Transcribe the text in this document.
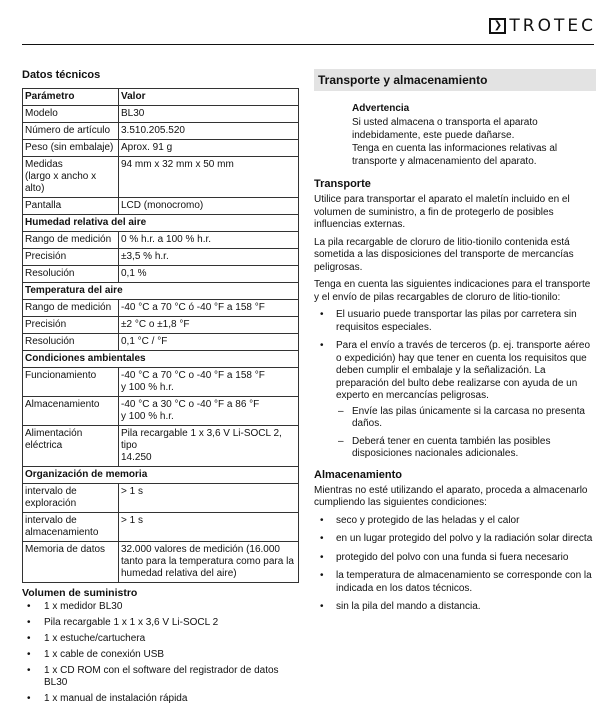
❯ TROTEC
Datos técnicos
Parámetro	Valor
Modelo	BL30
Número de artículo	3.510.205.520
Peso (sin embalaje)	Aprox. 91 g
Medidas
(largo x ancho x alto)	94 mm x 32 mm x 50 mm
Pantalla	LCD (monocromo)
Humedad relativa del aire	
Rango de medición	0 % h.r. a 100 % h.r.
Precisión	±3,5 % h.r.
Resolución	0,1 %
Temperatura del aire	
Rango de medición	-40 °C a 70 °C ó -40 °F a 158 °F
Precisión	±2 °C o ±1,8 °F
Resolución	0,1 °C / °F
Condiciones ambientales	
Funcionamiento	-40 °C a 70 °C o -40 °F a 158 °F
y 100 % h.r.
Almacenamiento	-40 °C a 30 °C o -40 °F a 86 °F
y 100 % h.r.
Alimentación
eléctrica	Pila recargable 1 x 3,6 V Li-SOCL 2, tipo
14.250
Organización de memoria	
intervalo de
exploración	> 1 s
intervalo de
almacenamiento	> 1 s
Memoria de datos	32.000 valores de medición (16.000
tanto para la temperatura como para la
humedad relativa del aire)
Volumen de suministro
• 1 x medidor BL30
• Pila recargable 1 x 1 x 3,6 V Li-SOCL 2
• 1 x estuche/cartuchera
• 1 x cable de conexión USB
• 1 x CD ROM con el software del registrador de datos BL30
• 1 x manual de instalación rápida
Transporte y almacenamiento
Advertencia
Si usted almacena o transporta el aparato
indebidamente, este puede dañarse.
Tenga en cuenta las informaciones relativas al
transporte y almacenamiento del aparato.
Transporte

Utilice para transportar el aparato el maletín incluido en el volumen de suministro, a fin de protegerlo de posibles influencias externas.

La pila recargable de cloruro de litio-tionilo contenida está sometida a las disposiciones del transporte de mercancías peligrosas.

Tenga en cuenta las siguientes indicaciones para el transporte y el envío de pilas recargables de cloruro de litio-tionilo:

• El usuario puede transportar las pilas por carretera sin requisitos especiales.
• Para el envío a través de terceros (p. ej. transporte aéreo o expedición) hay que tener en cuenta los requisitos que deben cumplir el embalaje y la señalización. La preparación del bulto debe realizarse con ayuda de un experto en mercancías peligrosas.
– Envíe las pilas únicamente si la carcasa no presenta daños.
– Deberá tener en cuenta también las posibles disposiciones nacionales adicionales.
Almacenamiento

Mientras no esté utilizando el aparato, proceda a almacenarlo cumpliendo las siguientes condiciones:

• seco y protegido de las heladas y el calor
• en un lugar protegido del polvo y la radiación solar directa
• protegido del polvo con una funda si fuera necesario
• la temperatura de almacenamiento se corresponde con la indicada en los datos técnicos.
• sin la pila del mando a distancia.
